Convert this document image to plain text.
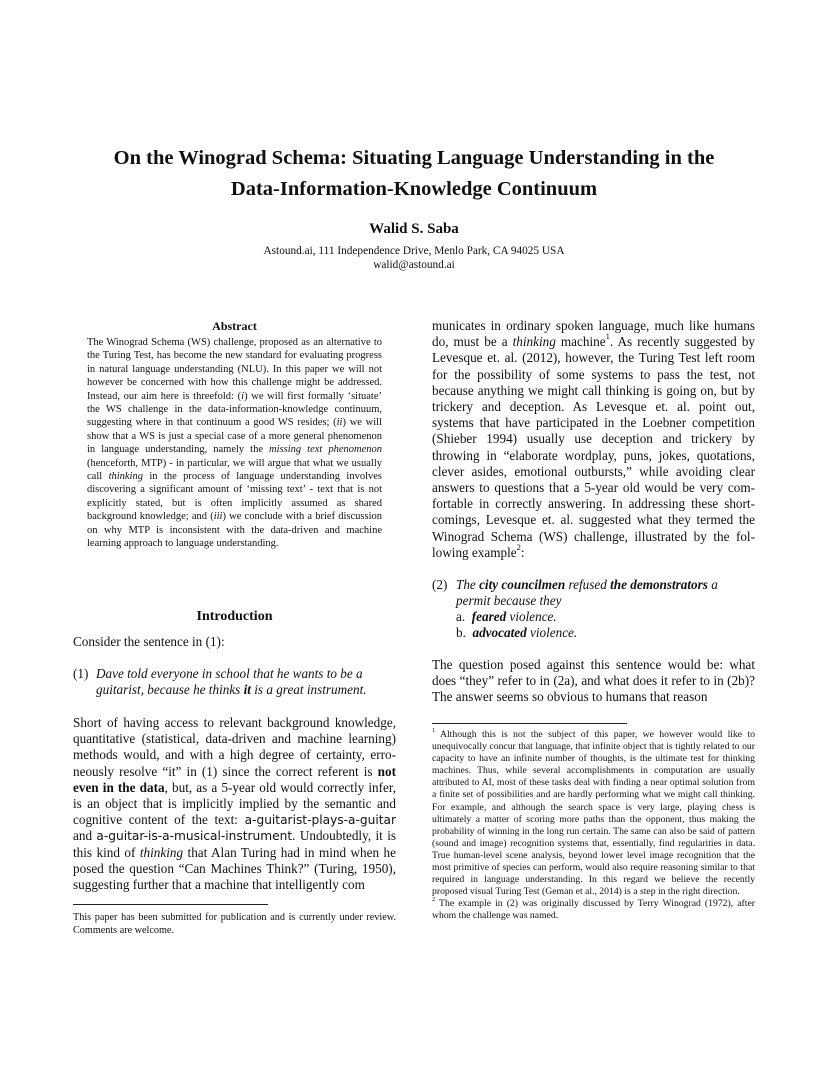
On the Winograd Schema: Situating Language Understanding in the
Data-Information-Knowledge Continuum
Walid S. Saba
Astound.ai, 111 Independence Drive, Menlo Park, CA 94025 USA
walid@astound.ai
Abstract
The Winograd Schema (WS) challenge, proposed as an alternative to the Turing Test, has become the new standard for evaluating progress in natural language understanding (NLU). In this paper we will not however be concerned with how this challenge might be addressed. Instead, our aim here is threefold: (i) we will first formally ‘situate’ the WS challenge in the data-information-knowledge continuum, suggesting where in that continuum a good WS resides; (ii) we will show that a WS is just a special case of a more general phenomenon in language understanding, namely the missing text phenomenon (henceforth, MTP) - in particular, we will argue that what we usually call thinking in the process of language understanding involves discovering a significant amount of ‘missing text’ - text that is not explicitly stated, but is often implicitly assumed as shared background knowledge; and (iii) we conclude with a brief discussion on why MTP is inconsistent with the data-driven and machine learning approach to language understanding.
Introduction
Consider the sentence in (1):
(1) Dave told everyone in school that he wants to be a guitarist, because he thinks it is a great instrument.
Short of having access to relevant background knowledge, quantitative (statistical, data-driven and machine learning) methods would, and with a high degree of certainty, erroneously resolve “it” in (1) since the correct referent is not even in the data, but, as a 5-year old would correctly infer, is an object that is implicitly implied by the semantic and cognitive content of the text: a-guitarist-plays-a-guitar and a-guitar-is-a-musical-instrument. Undoubtedly, it is this kind of thinking that Alan Turing had in mind when he posed the question “Can Machines Think?” (Turing, 1950), suggesting further that a machine that intelligently com
This paper has been submitted for publication and is currently under review. Comments are welcome.
municates in ordinary spoken language, much like humans do, must be a thinking machine$^1$. As recently suggested by Levesque et. al. (2012), however, the Turing Test left room for the possibility of some systems to pass the test, not because anything we might call thinking is going on, but by trickery and deception. As Levesque et. al. point out, systems that have participated in the Loebner competition (Shieber 1994) usually use deception and trickery by throwing in “elaborate wordplay, puns, jokes, quotations, clever asides, emotional outbursts,” while avoiding clear answers to questions that a 5-year old would be very comfortable in correctly answering. In addressing these shortcomings, Levesque et. al. suggested what they termed the Winograd Schema (WS) challenge, illustrated by the following example$^2$:
(2) The city councilmen refused the demonstrators a permit because they
a. feared violence.
b. advocated violence.
The question posed against this sentence would be: what does “they” refer to in (2a), and what does it refer to in (2b)? The answer seems so obvious to humans that reason

$^1$ Although this is not the subject of this paper, we however would like to unequivocally concur that language, that infinite object that is tightly related to our capacity to have an infinite number of thoughts, is the ultimate test for thinking machines. Thus, while several accomplishments in computation are usually attributed to AI, most of these tasks deal with finding a near optimal solution from a finite set of possibilities and are hardly performing what we might call thinking. For example, and although the search space is very large, playing chess is ultimately a matter of scoring more paths than the opponent, thus making the probability of winning in the long run certain. The same can also be said of pattern (sound and image) recognition systems that, essentially, find regularities in data. True human-level scene analysis, beyond lower level image recognition that the most primitive of species can perform, would also require reasoning similar to that required in language understanding. In this regard we believe the recently proposed visual Turing Test (Geman et al., 2014) is a step in the right direction.

$^2$ The example in (2) was originally discussed by Terry Winograd (1972), after whom the challenge was named.
